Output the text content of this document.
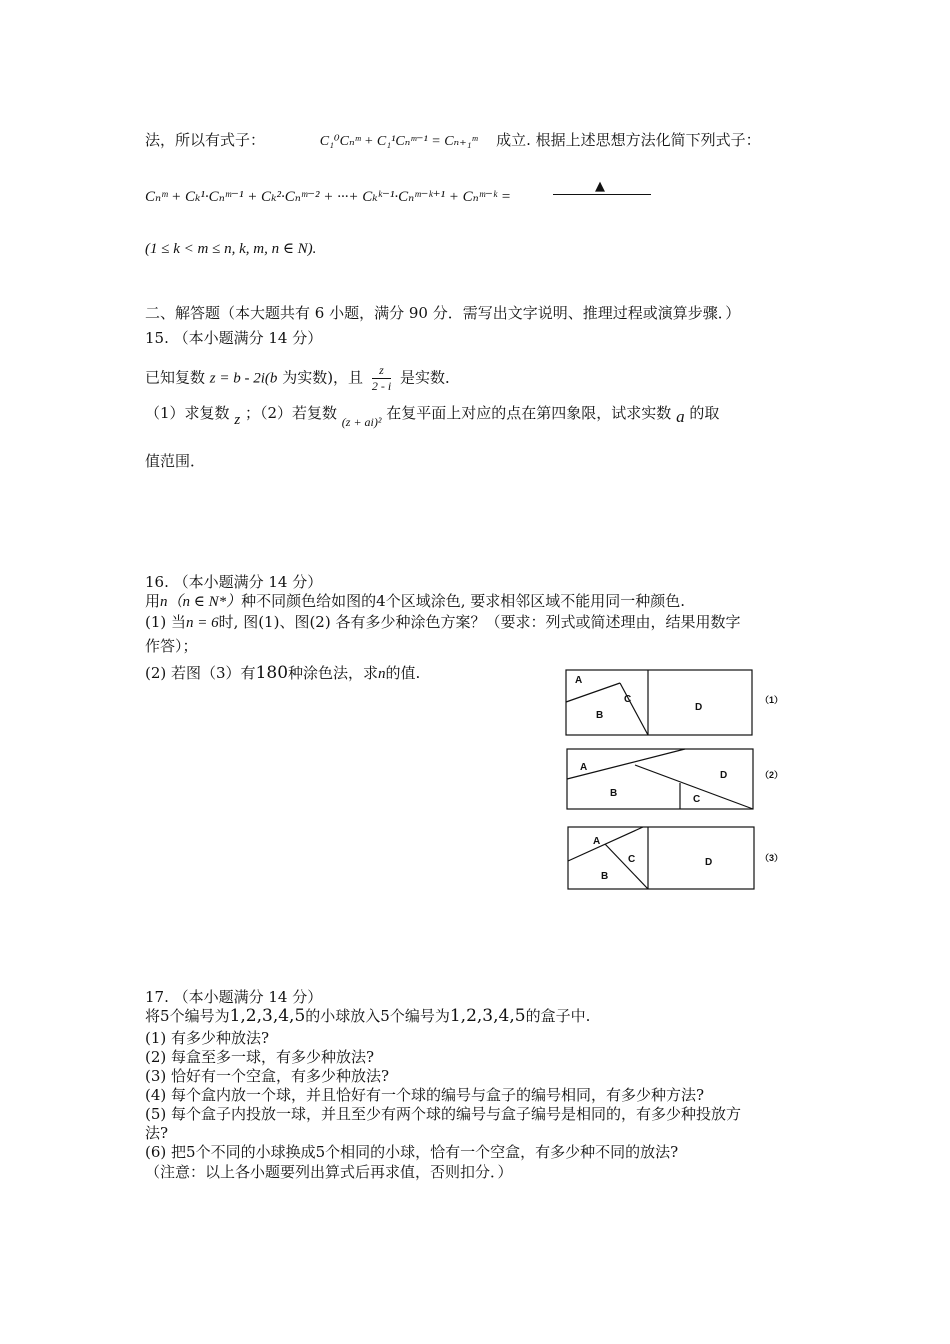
法，所以有式子：	C₁⁰Cₙᵐ + C₁¹Cₙᵐ⁻¹ = Cₙ₊₁ᵐ 成立. 根据上述思想方法化简下列式子：
Cₙᵐ + Cₖ¹·Cₙᵐ⁻¹ + Cₖ²·Cₙᵐ⁻² + ···+ Cₖᵏ⁻¹·Cₙᵐ⁻ᵏ⁺¹ + Cₙᵐ⁻ᵏ =
▲
(1 ≤ k < m ≤ n, k, m, n ∈ N).
二、解答题（本大题共有 6 小题，满分 90 分．需写出文字说明、推理过程或演算步骤．）
15. （本小题满分 14 分）
已知复数 z = b - 2i(b 为实数)，且 $\frac{z}{2 - i}$ 是实数．
（1）求复数 z ；（2）若复数 $_{(z + ai)^2}$ 在复平面上对应的点在第四象限，试求实数 a 的取
值范围．
16. （本小题满分 14 分）
用n（n ∈ N*）种不同颜色给如图的4个区域涂色, 要求相邻区域不能用同一种颜色.
(1) 当n = 6时, 图(1)、图(2) 各有多少种涂色方案？（要求：列式或简述理由，结果用数字
作答）；
(2) 若图（3）有180种涂色法，求n的值.	A
B
C
D
（1）
A
B
C
D	（2）
A
B
C	D	（3）
17. （本小题满分 14 分）
将5个编号为1,2,3,4,5的小球放入5个编号为1,2,3,4,5的盒子中.
(1) 有多少种放法?
(2) 每盒至多一球，有多少种放法?
(3) 恰好有一个空盒，有多少种放法?
(4) 每个盒内放一个球，并且恰好有一个球的编号与盒子的编号相同，有多少种方法?
(5) 每个盒子内投放一球，并且至少有两个球的编号与盒子编号是相同的，有多少种投放方
法?
(6) 把5个不同的小球换成5个相同的小球，恰有一个空盒，有多少种不同的放法?
（注意：以上各小题要列出算式后再求值，否则扣分．）
